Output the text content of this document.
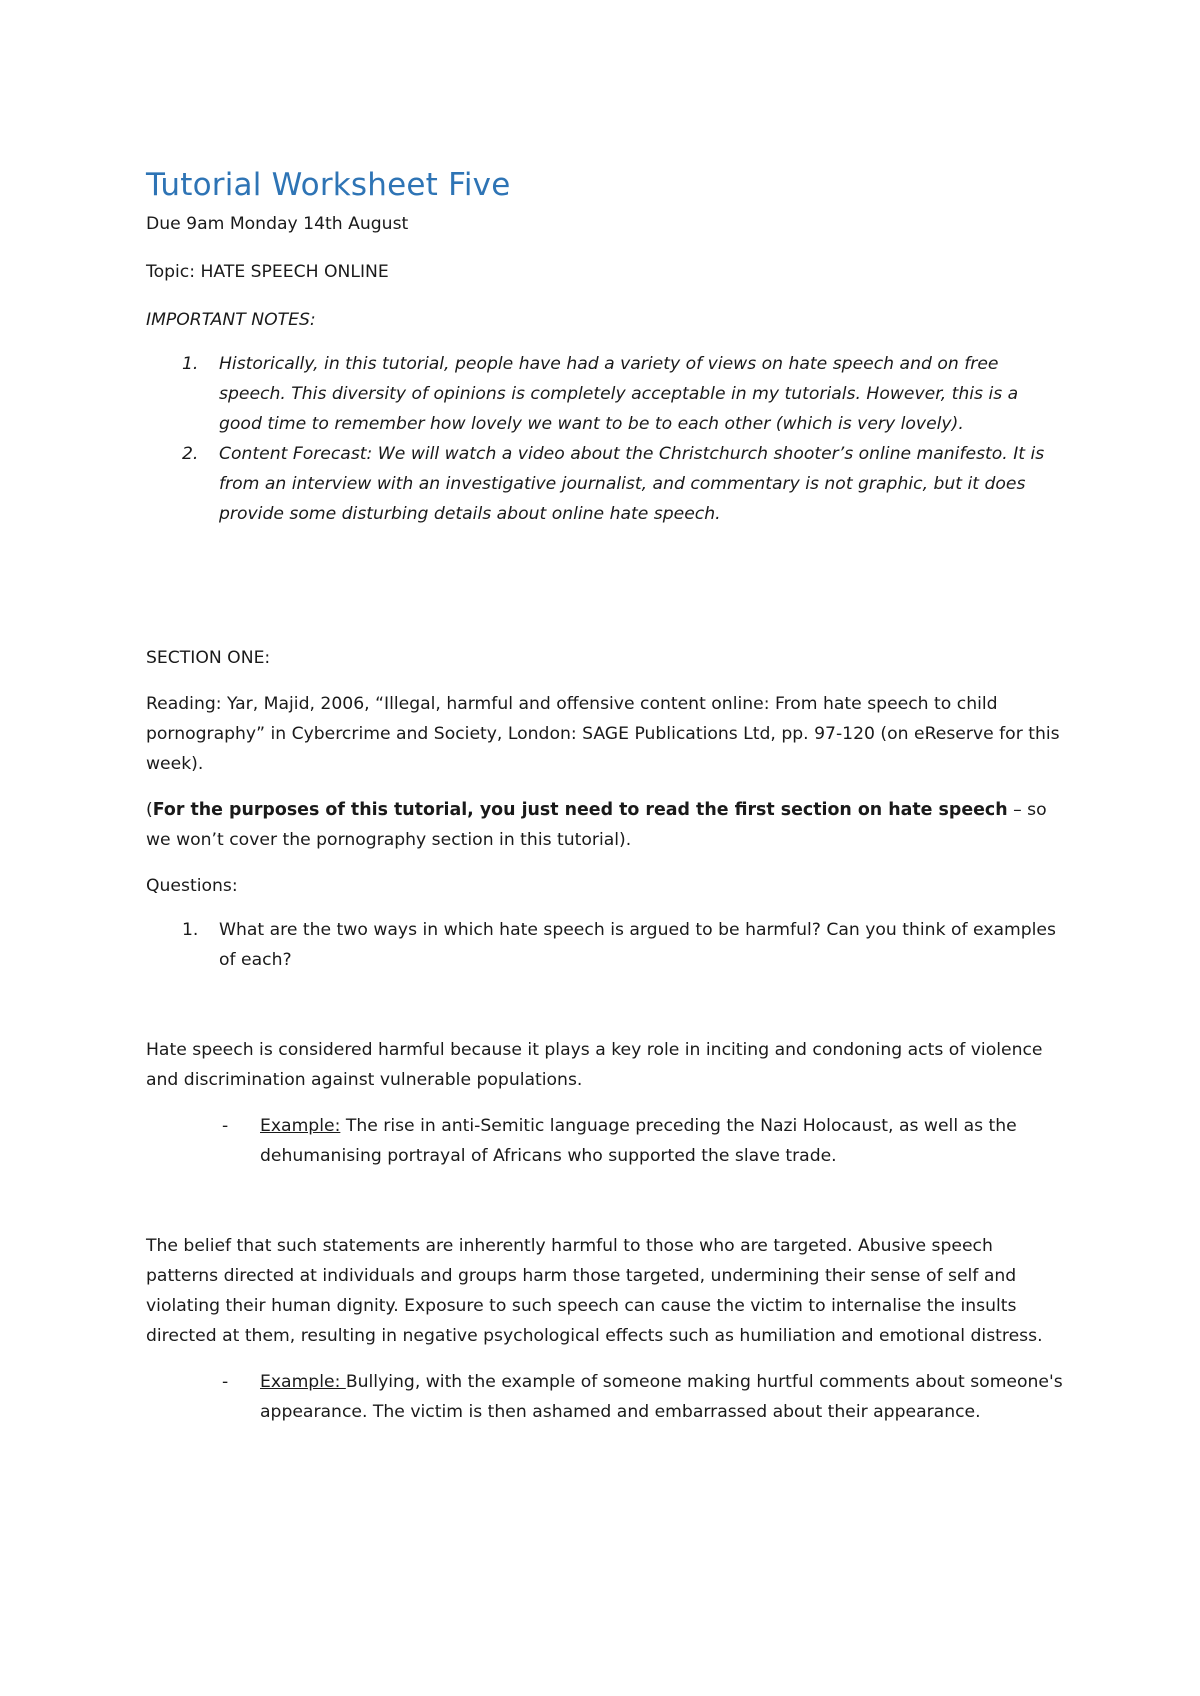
Tutorial Worksheet Five

Due 9am Monday 14th August

Topic: HATE SPEECH ONLINE

IMPORTANT NOTES:

1. Historically, in this tutorial, people have had a variety of views on hate speech and on free speech. This diversity of opinions is completely acceptable in my tutorials. However, this is a good time to remember how lovely we want to be to each other (which is very lovely).
2. Content Forecast: We will watch a video about the Christchurch shooter’s online manifesto. It is from an interview with an investigative journalist, and commentary is not graphic, but it does provide some disturbing details about online hate speech.

SECTION ONE:

Reading: Yar, Majid, 2006, “Illegal, harmful and offensive content online: From hate speech to child pornography” in Cybercrime and Society, London: SAGE Publications Ltd, pp. 97-120 (on eReserve for this week).

(For the purposes of this tutorial, you just need to read the first section on hate speech – so we won’t cover the pornography section in this tutorial).

Questions:

1. What are the two ways in which hate speech is argued to be harmful? Can you think of examples of each?

Hate speech is considered harmful because it plays a key role in inciting and condoning acts of violence and discrimination against vulnerable populations.

- Example: The rise in anti-Semitic language preceding the Nazi Holocaust, as well as the dehumanising portrayal of Africans who supported the slave trade.

The belief that such statements are inherently harmful to those who are targeted. Abusive speech patterns directed at individuals and groups harm those targeted, undermining their sense of self and violating their human dignity. Exposure to such speech can cause the victim to internalise the insults directed at them, resulting in negative psychological effects such as humiliation and emotional distress.

- Example: Bullying, with the example of someone making hurtful comments about someone's appearance. The victim is then ashamed and embarrassed about their appearance.
